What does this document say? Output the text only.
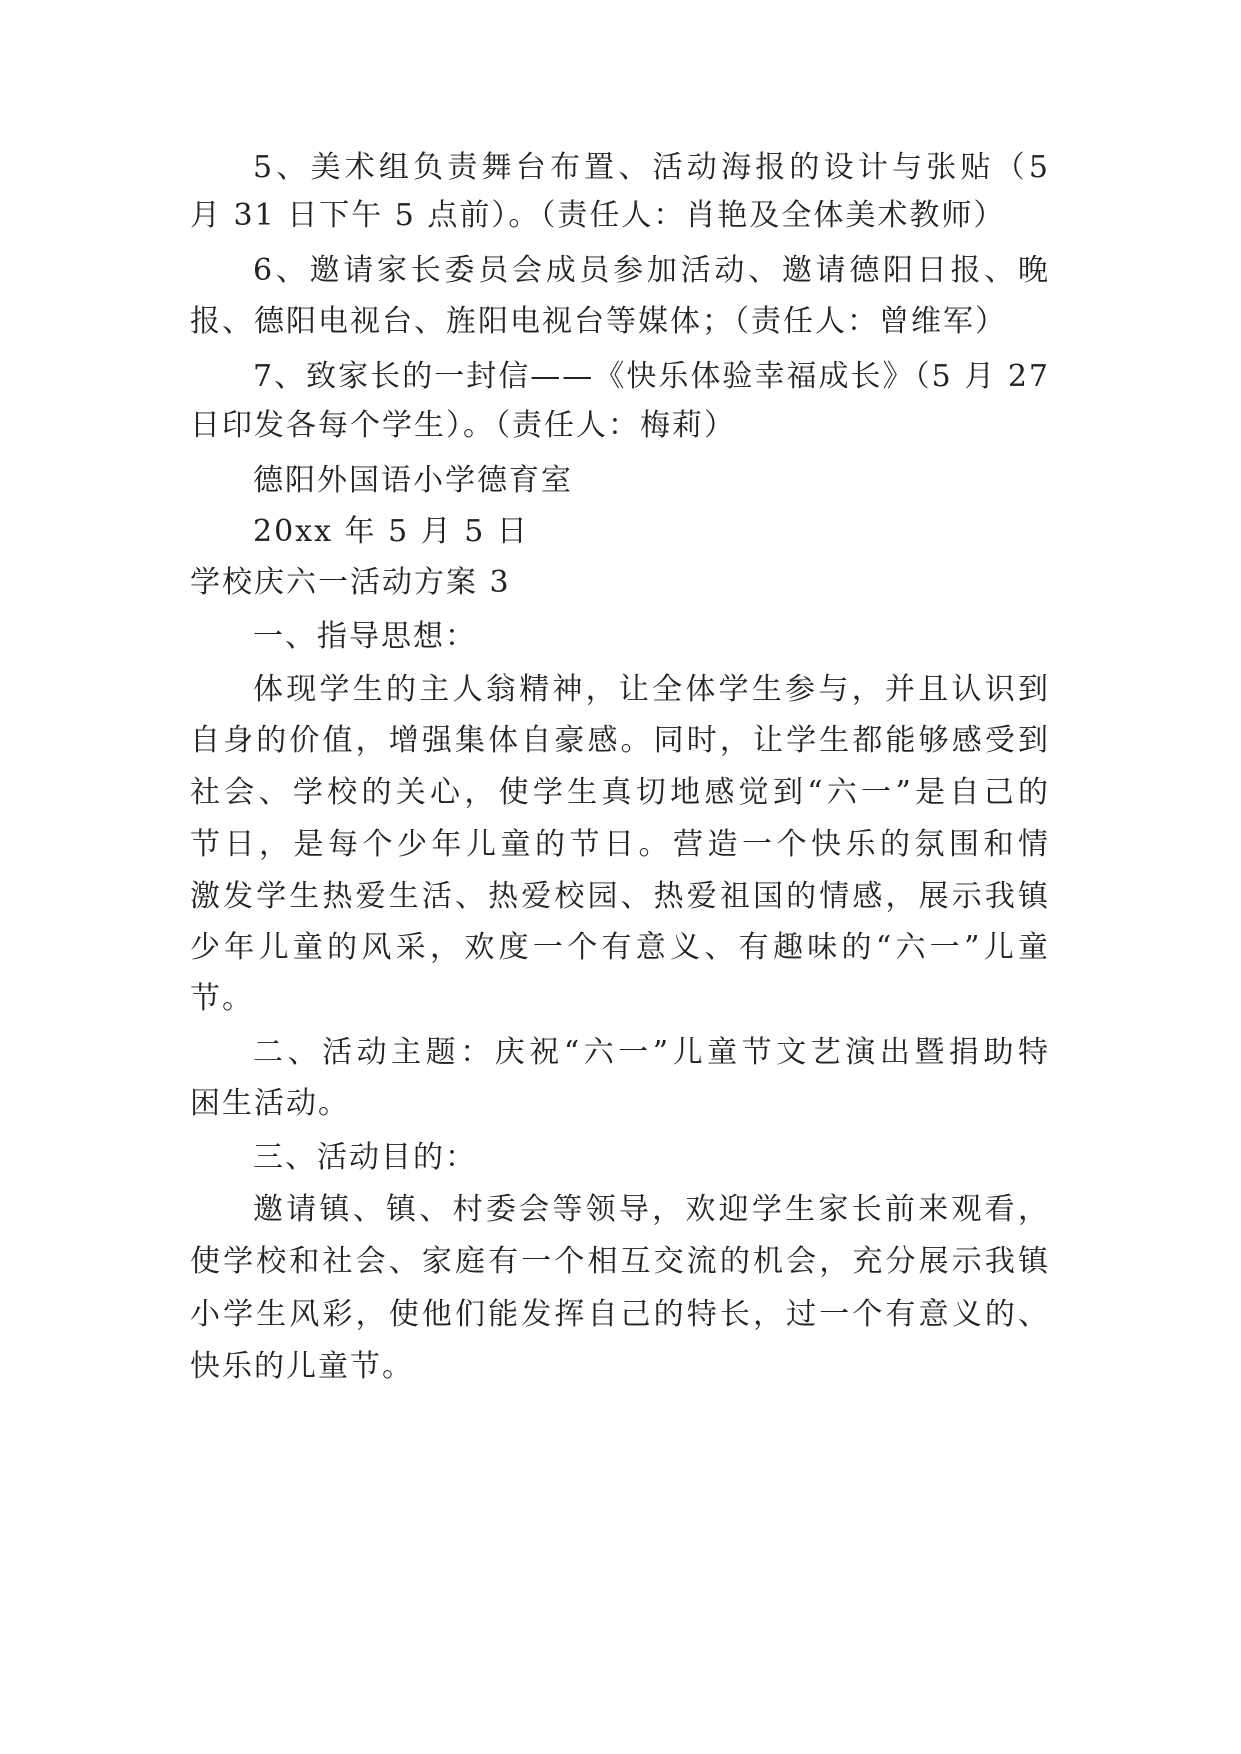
5、美术组负责舞台布置、活动海报的设计与张贴（5
月 31 日下午 5 点前）。（责任人：肖艳及全体美术教师）
6、邀请家长委员会成员参加活动、邀请德阳日报、晚
报、德阳电视台、旌阳电视台等媒体；（责任人：曾维军）
7、致家长的一封信——《快乐体验幸福成长》（5 月 27
日印发各每个学生）。（责任人：梅莉）
德阳外国语小学德育室
20xx 年 5 月 5 日
学校庆六一活动方案 3
一、指导思想：
体现学生的主人翁精神，让全体学生参与，并且认识到
自身的价值，增强集体自豪感。同时，让学生都能够感受到
社会、学校的关心，使学生真切地感觉到“六一”是自己的
节日，是每个少年儿童的节日。营造一个快乐的氛围和情
激发学生热爱生活、热爱校园、热爱祖国的情感，展示我镇
少年儿童的风采，欢度一个有意义、有趣味的“六一”儿童
节。
二、活动主题：庆祝“六一”儿童节文艺演出暨捐助特
困生活动。
三、活动目的：
邀请镇、镇、村委会等领导，欢迎学生家长前来观看，
使学校和社会、家庭有一个相互交流的机会，充分展示我镇
小学生风彩，使他们能发挥自己的特长，过一个有意义的、
快乐的儿童节。
